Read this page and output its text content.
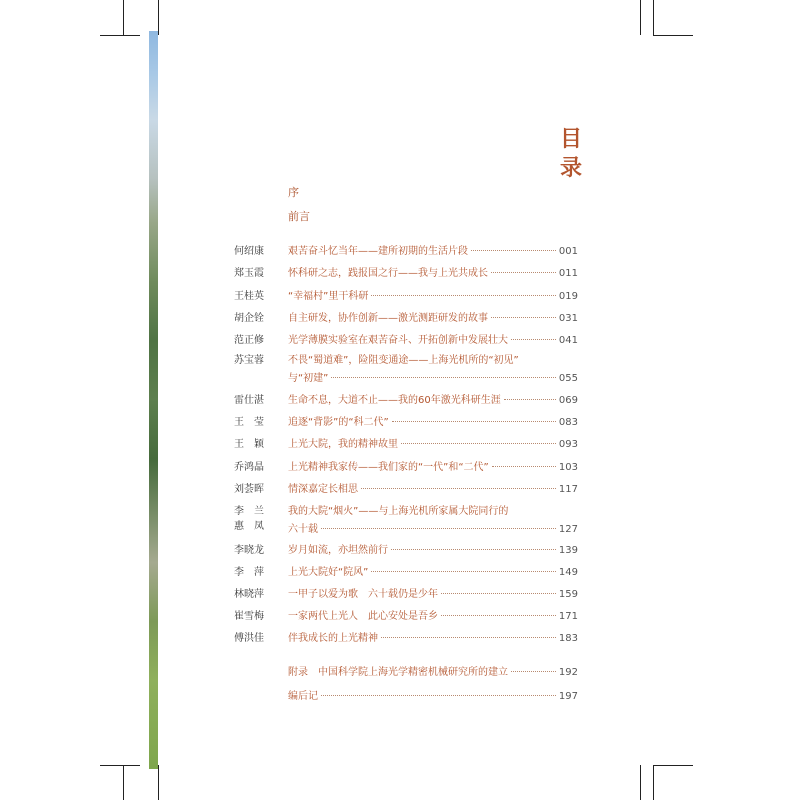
目
录
序
前言
何绍康	艰苦奋斗忆当年——建所初期的生活片段	001
郑玉霞	怀科研之志，践报国之行——我与上光共成长	011
王桂英	“幸福村”里干科研	019
胡企铨	自主研发，协作创新——激光测距研发的故事	031
范正修	光学薄膜实验室在艰苦奋斗、开拓创新中发展壮大	041
苏宝蓉	不畏“蜀道难”，险阻变通途——上海光机所的“初见”
与“初建”	055
雷仕湛	生命不息，大道不止——我的60年激光科研生涯	069
王　莹	追逐“背影”的“科二代”	083
王　颖	上光大院，我的精神故里	093
乔鸿晶	上光精神我家传——我们家的“一代”和“二代”	103
刘荟晖	情深嘉定长相思	117
李　兰
惠　凤
我的大院“烟火”——与上海光机所家属大院同行的
六十载	127
李晓龙	岁月如流，亦坦然前行	139
李　萍	上光大院好“院风”	149
林晓萍	一甲子以爱为歌　六十载仍是少年	159
崔雪梅	一家两代上光人　此心安处是吾乡	171
傅洪佳	伴我成长的上光精神	183
附录　中国科学院上海光学精密机械研究所的建立	192
编后记	197
